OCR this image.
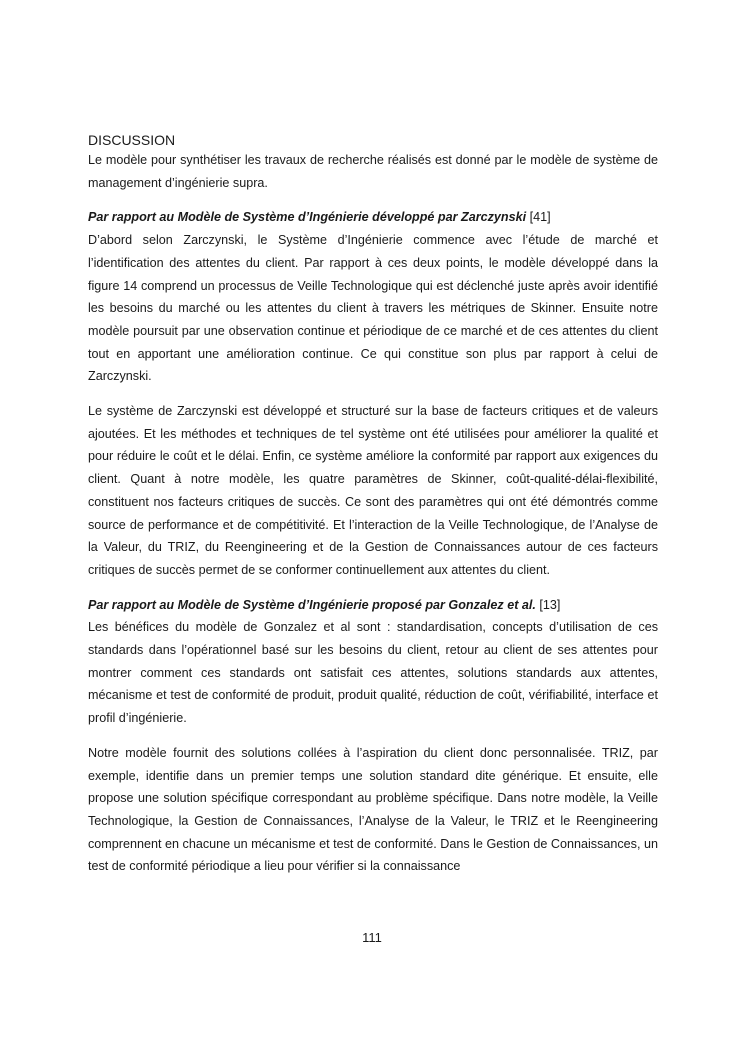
DISCUSSION

Le modèle pour synthétiser les travaux de recherche réalisés est donné par le modèle de système de management d’ingénierie supra.

Par rapport au Modèle de Système d’Ingénierie développé par Zarczynski [41]

D’abord selon Zarczynski, le Système d’Ingénierie commence avec l’étude de marché et l’identification des attentes du client. Par rapport à ces deux points, le modèle développé dans la figure 14 comprend un processus de Veille Technologique qui est déclenché juste après avoir identifié les besoins du marché ou les attentes du client à travers les métriques de Skinner. Ensuite notre modèle poursuit par une observation continue et périodique de ce marché et de ces attentes du client tout en apportant une amélioration continue. Ce qui constitue son plus par rapport à celui de Zarczynski.

Le système de Zarczynski est développé et structuré sur la base de facteurs critiques et de valeurs ajoutées. Et les méthodes et techniques de tel système ont été utilisées pour améliorer la qualité et pour réduire le coût et le délai. Enfin, ce système améliore la conformité par rapport aux exigences du client. Quant à notre modèle, les quatre paramètres de Skinner, coût-qualité-délai-flexibilité, constituent nos facteurs critiques de succès. Ce sont des paramètres qui ont été démontrés comme source de performance et de compétitivité. Et l’interaction de la Veille Technologique, de l’Analyse de la Valeur, du TRIZ, du Reengineering et de la Gestion de Connaissances autour de ces facteurs critiques de succès permet de se conformer continuellement aux attentes du client.

Par rapport au Modèle de Système d’Ingénierie proposé par Gonzalez et al. [13]

Les bénéfices du modèle de Gonzalez et al sont : standardisation, concepts d’utilisation de ces standards dans l’opérationnel basé sur les besoins du client, retour au client de ses attentes pour montrer comment ces standards ont satisfait ces attentes, solutions standards aux attentes, mécanisme et test de conformité de produit, produit qualité, réduction de coût, vérifiabilité, interface et profil d’ingénierie.

Notre modèle fournit des solutions collées à l’aspiration du client donc personnalisée. TRIZ, par exemple, identifie dans un premier temps une solution standard dite générique. Et ensuite, elle propose une solution spécifique correspondant au problème spécifique. Dans notre modèle, la Veille Technologique, la Gestion de Connaissances, l’Analyse de la Valeur, le TRIZ et le Reengineering comprennent en chacune un mécanisme et test de conformité. Dans le Gestion de Connaissances, un test de conformité périodique a lieu pour vérifier si la connaissance

111
